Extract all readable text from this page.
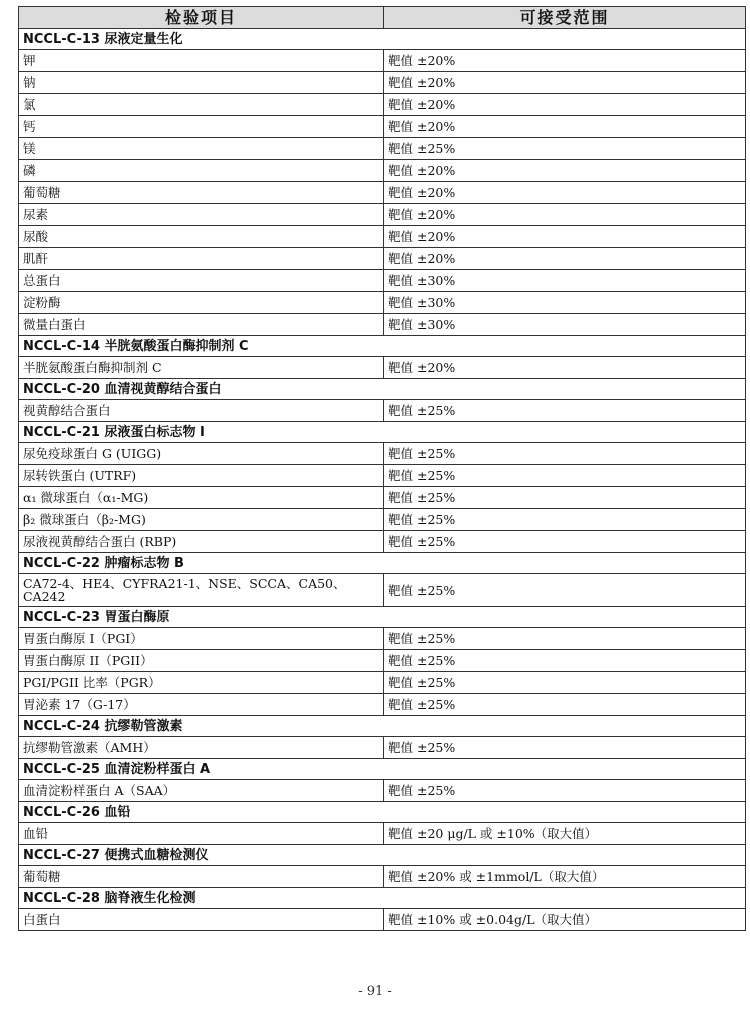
检验项目	可接受范围
NCCL-C-13 尿液定量生化	
钾	靶值 ±20%
钠	靶值 ±20%
氯	靶值 ±20%
钙	靶值 ±20%
镁	靶值 ±25%
磷	靶值 ±20%
葡萄糖	靶值 ±20%
尿素	靶值 ±20%
尿酸	靶值 ±20%
肌酐	靶值 ±20%
总蛋白	靶值 ±30%
淀粉酶	靶值 ±30%
微量白蛋白	靶值 ±30%
NCCL-C-14 半胱氨酸蛋白酶抑制剂 C	
半胱氨酸蛋白酶抑制剂 C	靶值 ±20%
NCCL-C-20 血清视黄醇结合蛋白	
视黄醇结合蛋白	靶值 ±25%
NCCL-C-21 尿液蛋白标志物 I	
尿免疫球蛋白 G (UIGG)	靶值 ±25%
尿转铁蛋白 (UTRF)	靶值 ±25%
α₁ 微球蛋白（α₁-MG)	靶值 ±25%
β₂ 微球蛋白（β₂-MG)	靶值 ±25%
尿液视黄醇结合蛋白 (RBP)	靶值 ±25%
NCCL-C-22 肿瘤标志物 B	
CA72-4、HE4、CYFRA21-1、NSE、SCCA、CA50、CA242	靶值 ±25%
NCCL-C-23 胃蛋白酶原	
胃蛋白酶原 I（PGI）	靶值 ±25%
胃蛋白酶原 II（PGII）	靶值 ±25%
PGI/PGII 比率（PGR）	靶值 ±25%
胃泌素 17（G-17）	靶值 ±25%
NCCL-C-24 抗缪勒管激素	
抗缪勒管激素（AMH）	靶值 ±25%
NCCL-C-25 血清淀粉样蛋白 A	
血清淀粉样蛋白 A（SAA）	靶值 ±25%
NCCL-C-26 血铅	
血铅	靶值 ±20 μg/L 或 ±10%（取大值）
NCCL-C-27 便携式血糖检测仪	
葡萄糖	靶值 ±20% 或 ±1mmol/L（取大值）
NCCL-C-28 脑脊液生化检测	
白蛋白	靶值 ±10% 或 ±0.04g/L（取大值）
- 91 -
